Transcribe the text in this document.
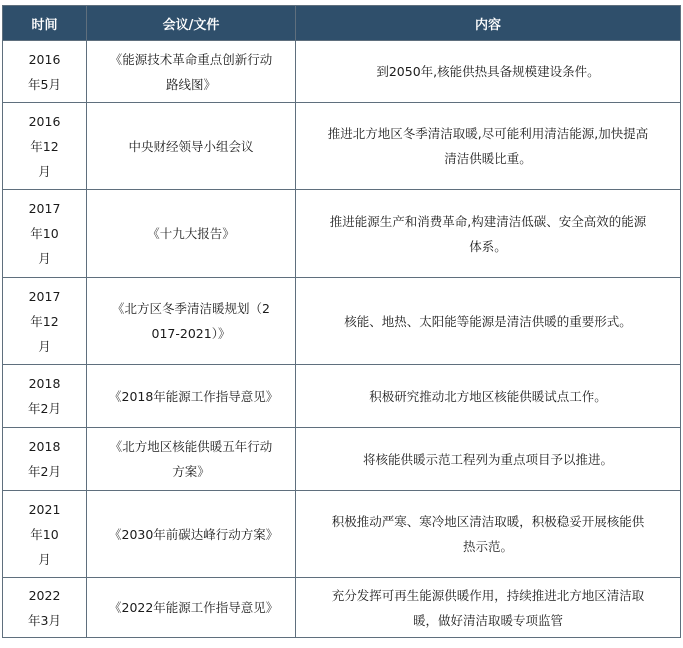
时间	会议/文件	内容

2016年5月	《能源技术革命重点创新行动路线图》	到2050年,核能供热具备规模建设条件。

2016年12月	中央财经领导小组会议	推进北方地区冬季清洁取暖,尽可能利用清洁能源,加快提高清洁供暖比重。

2017年10月	《十九大报告》	推进能源生产和消费革命,构建清洁低碳、安全高效的能源体系。

2017年12月	《北方区冬季清洁暖规划（2017-2021）》	核能、地热、太阳能等能源是清洁供暖的重要形式。

2018年2月	《2018年能源工作指导意见》	积极研究推动北方地区核能供暖试点工作。

2018年2月	《北方地区核能供暖五年行动方案》	将核能供暖示范工程列为重点项目予以推进。

2021年10月	《2030年前碳达峰行动方案》	积极推动严寒、寒冷地区清洁取暖，积极稳妥开展核能供热示范。

2022年3月	《2022年能源工作指导意见》	充分发挥可再生能源供暖作用，持续推进北方地区清洁取暖，做好清洁取暖专项监管
